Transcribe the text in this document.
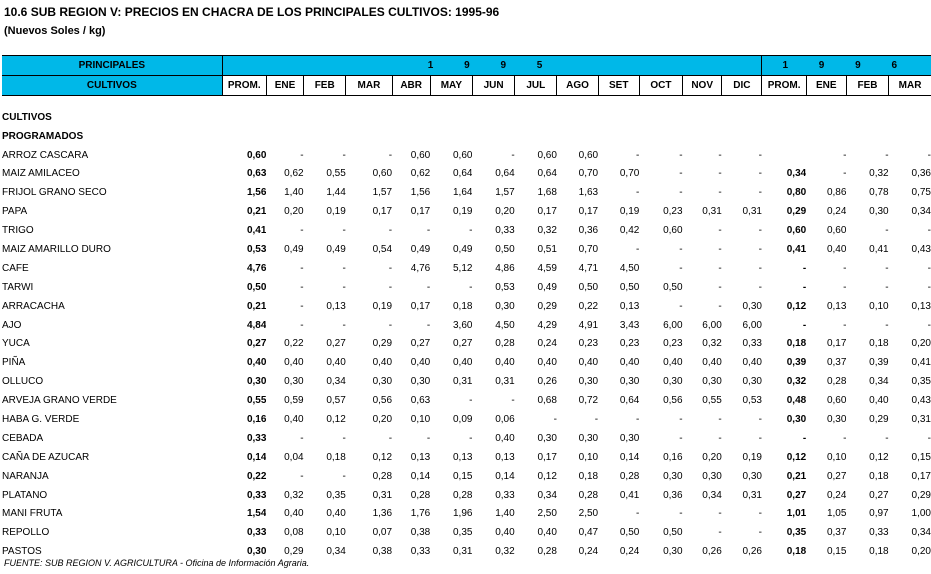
10.6 SUB REGION V: PRECIOS EN CHACRA DE LOS PRINCIPALES CULTIVOS: 1995-96
(Nuevos Soles / kg)
PRINCIPALES	1 9 9 5													1 9 9 6			
CULTIVOS	PROM.	ENE	FEB	MAR	ABR	MAY	JUN	JUL	AGO	SET	OCT	NOV	DIC	PROM.	ENE	FEB	MAR

CULTIVOS																	
PROGRAMADOS																	
ARROZ CASCARA	0,60	-	-	-	0,60	0,60	-	0,60	0,60	-	-	-	-		-	-	-
MAIZ AMILACEO	0,63	0,62	0,55	0,60	0,62	0,64	0,64	0,64	0,70	0,70	-	-	-	0,34	-	0,32	0,36
FRIJOL GRANO SECO	1,56	1,40	1,44	1,57	1,56	1,64	1,57	1,68	1,63	-	-	-	-	0,80	0,86	0,78	0,75
PAPA	0,21	0,20	0,19	0,17	0,17	0,19	0,20	0,17	0,17	0,19	0,23	0,31	0,31	0,29	0,24	0,30	0,34
TRIGO	0,41	-	-	-	-	-	0,33	0,32	0,36	0,42	0,60	-	-	0,60	0,60	-	-
MAIZ AMARILLO DURO	0,53	0,49	0,49	0,54	0,49	0,49	0,50	0,51	0,70	-	-	-	-	0,41	0,40	0,41	0,43
CAFE	4,76	-	-	-	4,76	5,12	4,86	4,59	4,71	4,50	-	-	-	-	-	-	-
TARWI	0,50	-	-	-	-	-	0,53	0,49	0,50	0,50	0,50	-	-	-	-	-	-
ARRACACHA	0,21	-	0,13	0,19	0,17	0,18	0,30	0,29	0,22	0,13	-	-	0,30	0,12	0,13	0,10	0,13
AJO	4,84	-	-	-	-	3,60	4,50	4,29	4,91	3,43	6,00	6,00	6,00	-	-	-	-
YUCA	0,27	0,22	0,27	0,29	0,27	0,27	0,28	0,24	0,23	0,23	0,23	0,32	0,33	0,18	0,17	0,18	0,20
PIÑA	0,40	0,40	0,40	0,40	0,40	0,40	0,40	0,40	0,40	0,40	0,40	0,40	0,40	0,39	0,37	0,39	0,41
OLLUCO	0,30	0,30	0,34	0,30	0,30	0,31	0,31	0,26	0,30	0,30	0,30	0,30	0,30	0,32	0,28	0,34	0,35
ARVEJA GRANO VERDE	0,55	0,59	0,57	0,56	0,63	-	-	0,68	0,72	0,64	0,56	0,55	0,53	0,48	0,60	0,40	0,43
HABA G. VERDE	0,16	0,40	0,12	0,20	0,10	0,09	0,06	-	-	-	-	-	-	0,30	0,30	0,29	0,31
CEBADA	0,33	-	-	-	-	-	0,40	0,30	0,30	0,30	-	-	-	-	-	-	-
CAÑA DE AZUCAR	0,14	0,04	0,18	0,12	0,13	0,13	0,13	0,17	0,10	0,14	0,16	0,20	0,19	0,12	0,10	0,12	0,15
NARANJA	0,22	-	-	0,28	0,14	0,15	0,14	0,12	0,18	0,28	0,30	0,30	0,30	0,21	0,27	0,18	0,17
PLATANO	0,33	0,32	0,35	0,31	0,28	0,28	0,33	0,34	0,28	0,41	0,36	0,34	0,31	0,27	0,24	0,27	0,29
MANI FRUTA	1,54	0,40	0,40	1,36	1,76	1,96	1,40	2,50	2,50	-	-	-	-	1,01	1,05	0,97	1,00
REPOLLO	0,33	0,08	0,10	0,07	0,38	0,35	0,40	0,40	0,47	0,50	0,50	-	-	0,35	0,37	0,33	0,34
PASTOS	0,30	0,29	0,34	0,38	0,33	0,31	0,32	0,28	0,24	0,24	0,30	0,26	0,26	0,18	0,15	0,18	0,20
FUENTE: SUB REGION V. AGRICULTURA - Oficina de Información Agraria.
